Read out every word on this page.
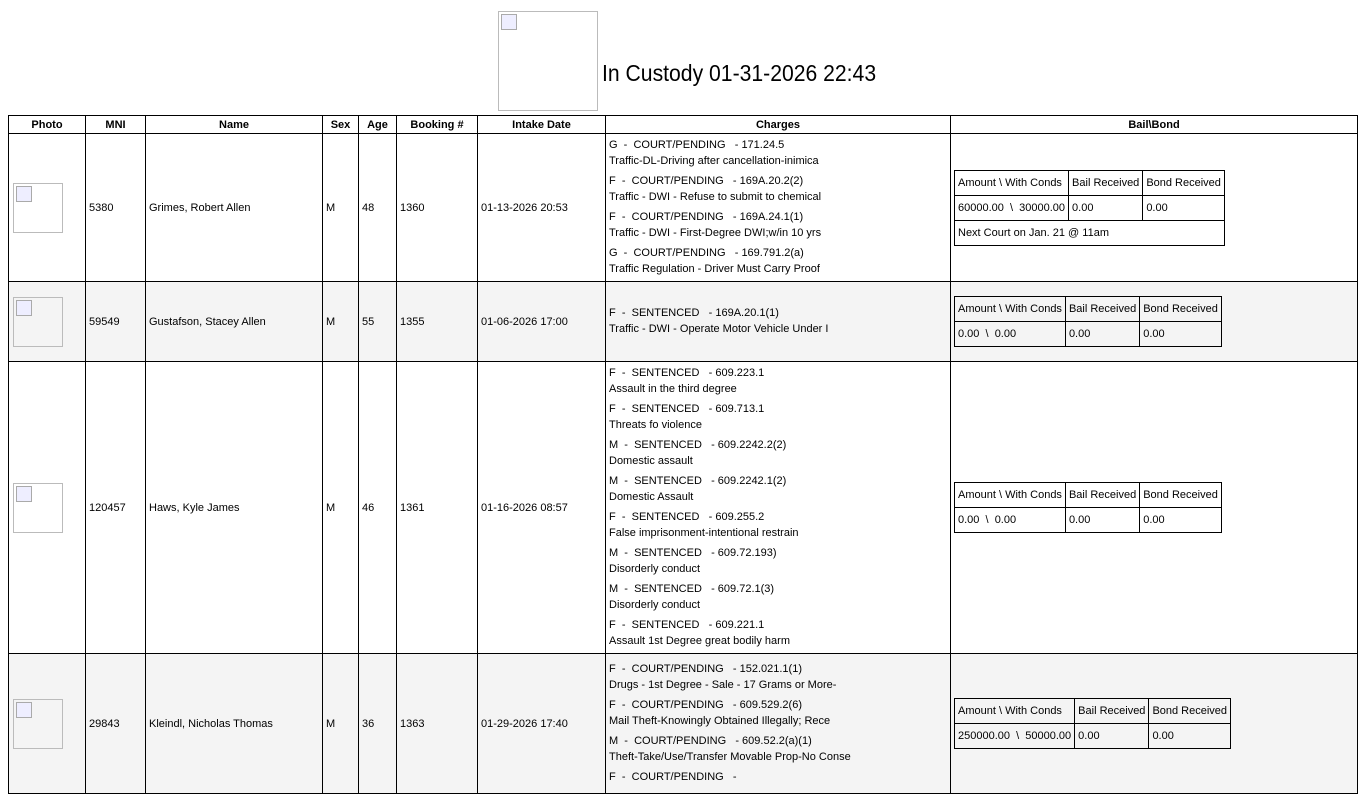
In Custody 01-31-2026 22:43
Photo	MNI	Name	Sex	Age	Booking #	Intake Date	Charges	Bail\Bond

	5380	Grimes, Robert Allen	M	48	1360	01-13-2026 20:53	
G  -  COURT/PENDING   - 171.24.5
Traffic-DL-Driving after cancellation-inimica
F  -  COURT/PENDING   - 169A.20.2(2)
Traffic - DWI - Refuse to submit to chemical
F  -  COURT/PENDING   - 169A.24.1(1)
Traffic - DWI - First-Degree DWI;w/in 10 yrs
G  -  COURT/PENDING   - 169.791.2(a)
Traffic Regulation - Driver Must Carry Proof

Amount \ With Conds	Bail Received	Bond Received
60000.00  \  30000.00	0.00	0.00
Next Court on Jan. 21 @ 11am

	59549	Gustafson, Stacey Allen	M	55	1355	01-06-2026 17:00	
F  -  SENTENCED   - 169A.20.1(1)
Traffic - DWI - Operate Motor Vehicle Under I

Amount \ With Conds	Bail Received	Bond Received
0.00  \  0.00	0.00	0.00

	120457	Haws, Kyle James	M	46	1361	01-16-2026 08:57	
F  -  SENTENCED   - 609.223.1
Assault in the third degree
F  -  SENTENCED   - 609.713.1
Threats fo violence
M  -  SENTENCED   - 609.2242.2(2)
Domestic assault
M  -  SENTENCED   - 609.2242.1(2)
Domestic Assault
F  -  SENTENCED   - 609.255.2
False imprisonment-intentional restrain
M  -  SENTENCED   - 609.72.193)
Disorderly conduct
M  -  SENTENCED   - 609.72.1(3)
Disorderly conduct
F  -  SENTENCED   - 609.221.1
Assault 1st Degree great bodily harm

Amount \ With Conds	Bail Received	Bond Received
0.00  \  0.00	0.00	0.00

	29843	Kleindl, Nicholas Thomas	M	36	1363	01-29-2026 17:40	
F  -  COURT/PENDING   - 152.021.1(1)
Drugs - 1st Degree - Sale - 17 Grams or More-
F  -  COURT/PENDING   - 609.529.2(6)
Mail Theft-Knowingly Obtained Illegally; Rece
M  -  COURT/PENDING   - 609.52.2(a)(1)
Theft-Take/Use/Transfer Movable Prop-No Conse
F  -  COURT/PENDING   -

Amount \ With Conds	Bail Received	Bond Received
250000.00  \  50000.00	0.00	0.00
